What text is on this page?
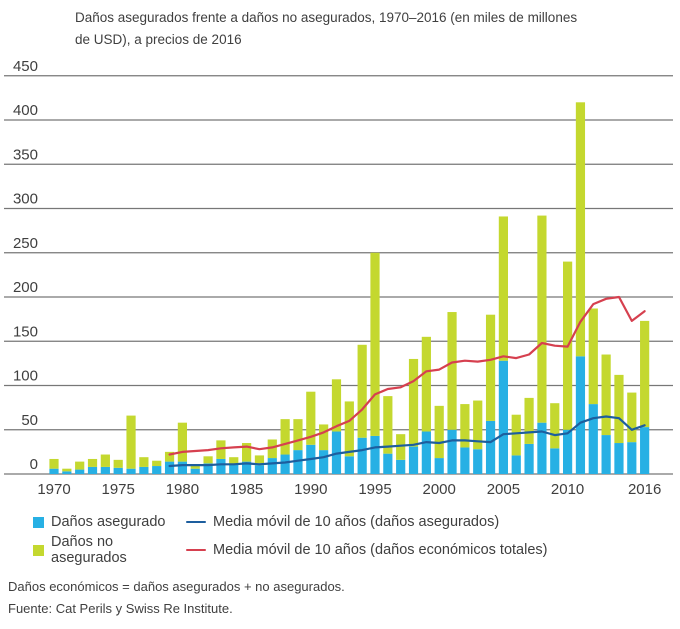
Daños asegurados frente a daños no asegurados, 1970–2016 (en miles de millones
de USD), a precios de 2016
0
50
100
150
200
250
300
350
400
450
1970 1975 1980 1985 1990 1995 2000 2005 2010	2016
Daños asegurado	Media móvil de 10 años (daños asegurados)
Daños no asegurados	Media móvil de 10 años (daños económicos totales)
Daños económicos = daños asegurados + no asegurados.
Fuente: Cat Perils y Swiss Re Institute.
